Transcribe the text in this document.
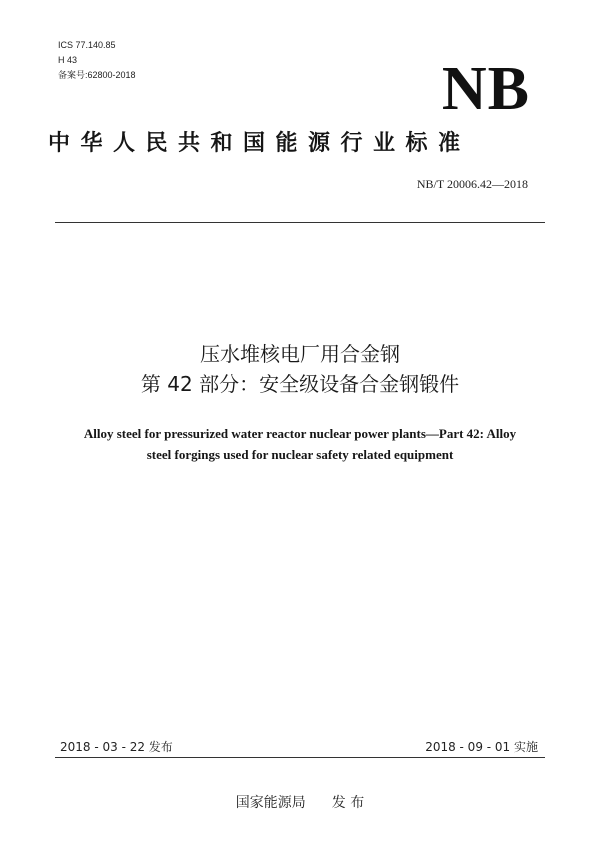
ICS 77.140.85
H 43
备案号:62800-2018	NB
中华人民共和国能源行业标准
NB/T 20006.42—2018
压水堆核电厂用合金钢
第 42 部分：安全级设备合金钢锻件
Alloy steel for pressurized water reactor nuclear power plants—Part 42: Alloy
steel forgings used for nuclear safety related equipment
2018 - 03 - 22 发布	2018 - 09 - 01 实施
国家能源局 发 布
